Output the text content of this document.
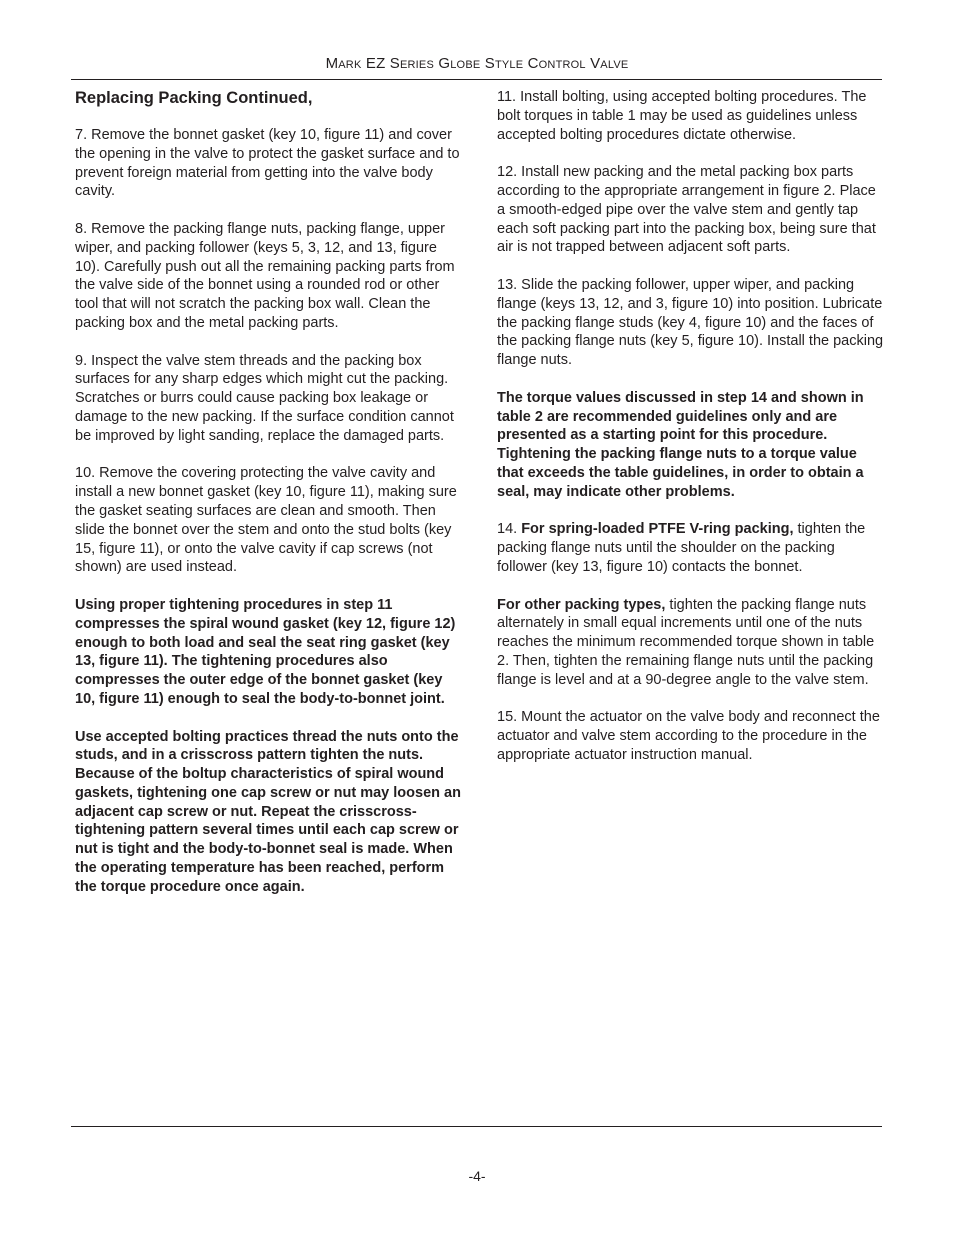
Mark EZ Series Globe Style Control Valve
Replacing Packing Continued,

7. Remove the bonnet gasket (key 10, figure 11) and cover the opening in the valve to protect the gasket surface and to prevent foreign material from getting into the valve body cavity.

8. Remove the packing flange nuts, packing flange, upper wiper, and packing follower (keys 5, 3, 12, and 13, figure 10). Carefully push out all the remaining packing parts from the valve side of the bonnet using a rounded rod or other tool that will not scratch the packing box wall. Clean the packing box and the metal packing parts.

9. Inspect the valve stem threads and the packing box surfaces for any sharp edges which might cut the packing. Scratches or burrs could cause packing box leakage or damage to the new packing. If the surface condition cannot be improved by light sanding, replace the damaged parts.

10. Remove the covering protecting the valve cavity and install a new bonnet gasket (key 10, figure 11), making sure the gasket seating surfaces are clean and smooth. Then slide the bonnet over the stem and onto the stud bolts (key 15, figure 11), or onto the valve cavity if cap screws (not shown) are used instead.

Using proper tightening procedures in step 11 compresses the spiral wound gasket (key 12, figure 12) enough to both load and seal the seat ring gasket (key 13, figure 11). The tightening procedures also compresses the outer edge of the bonnet gasket (key 10, figure 11) enough to seal the body-to-bonnet joint.

Use accepted bolting practices thread the nuts onto the studs, and in a crisscross pattern tighten the nuts. Because of the boltup characteristics of spiral wound gaskets, tightening one cap screw or nut may loosen an adjacent cap screw or nut. Repeat the crisscross-tightening pattern several times until each cap screw or nut is tight and the body-to-bonnet seal is made. When the operating temperature has been reached, perform the torque procedure once again.

11. Install bolting, using accepted bolting procedures. The bolt torques in table 1 may be used as guidelines unless accepted bolting procedures dictate otherwise.

12. Install new packing and the metal packing box parts according to the appropriate arrangement in figure 2. Place a smooth-edged pipe over the valve stem and gently tap each soft packing part into the packing box, being sure that air is not trapped between adjacent soft parts.

13. Slide the packing follower, upper wiper, and packing flange (keys 13, 12, and 3, figure 10) into position. Lubricate the packing flange studs (key 4, figure 10) and the faces of the packing flange nuts (key 5, figure 10). Install the packing flange nuts.

The torque values discussed in step 14 and shown in table 2 are recommended guidelines only and are presented as a starting point for this procedure. Tightening the packing flange nuts to a torque value that exceeds the table guidelines, in order to obtain a seal, may indicate other problems.

14. For spring-loaded PTFE V-ring packing, tighten the packing flange nuts until the shoulder on the packing follower (key 13, figure 10) contacts the bonnet.

For other packing types, tighten the packing flange nuts alternately in small equal increments until one of the nuts reaches the minimum recommended torque shown in table 2. Then, tighten the remaining flange nuts until the packing flange is level and at a 90-degree angle to the valve stem.

15. Mount the actuator on the valve body and reconnect the actuator and valve stem according to the procedure in the appropriate actuator instruction manual.

-4-
